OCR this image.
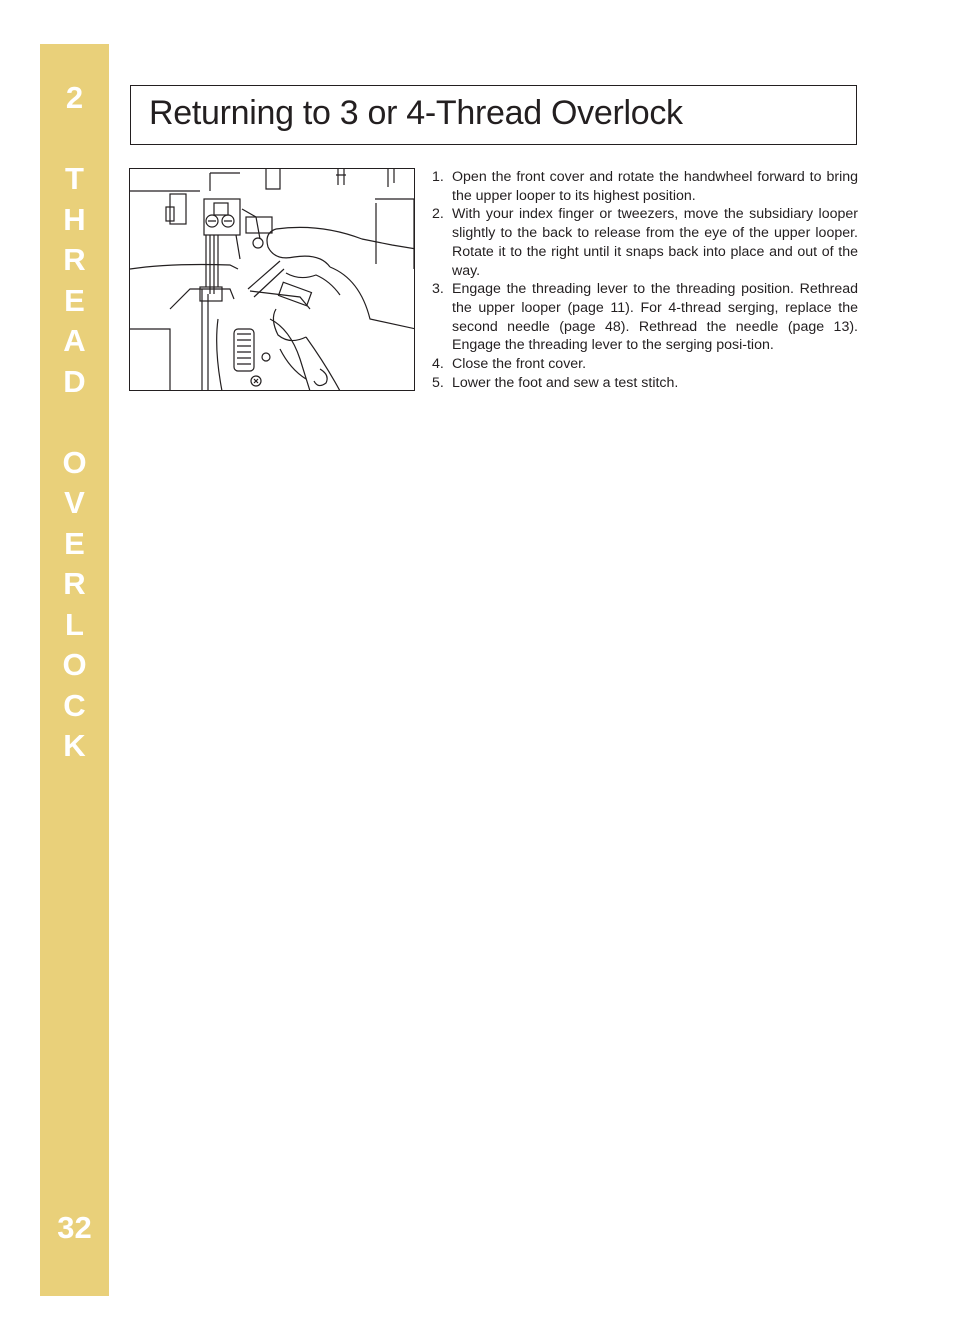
2
T
H
R
E
A
D
O
V
E
R
L
O
C
K
32
Returning to 3 or 4-Thread Overlock
1. Open the front cover and rotate the handwheel forward to bring the upper looper to its highest position.
2. With your index finger or tweezers, move the subsidiary looper slightly to the back to release from the eye of the upper looper. Rotate it to the right until it snaps back into place and out of the way.
3. Engage the threading lever to the threading position. Rethread the upper looper (page 11). For 4-thread serging, replace the second needle (page 48). Rethread the needle (page 13). Engage the threading lever to the serging posi-tion.
4. Close the front cover.
5. Lower the foot and sew a test stitch.
